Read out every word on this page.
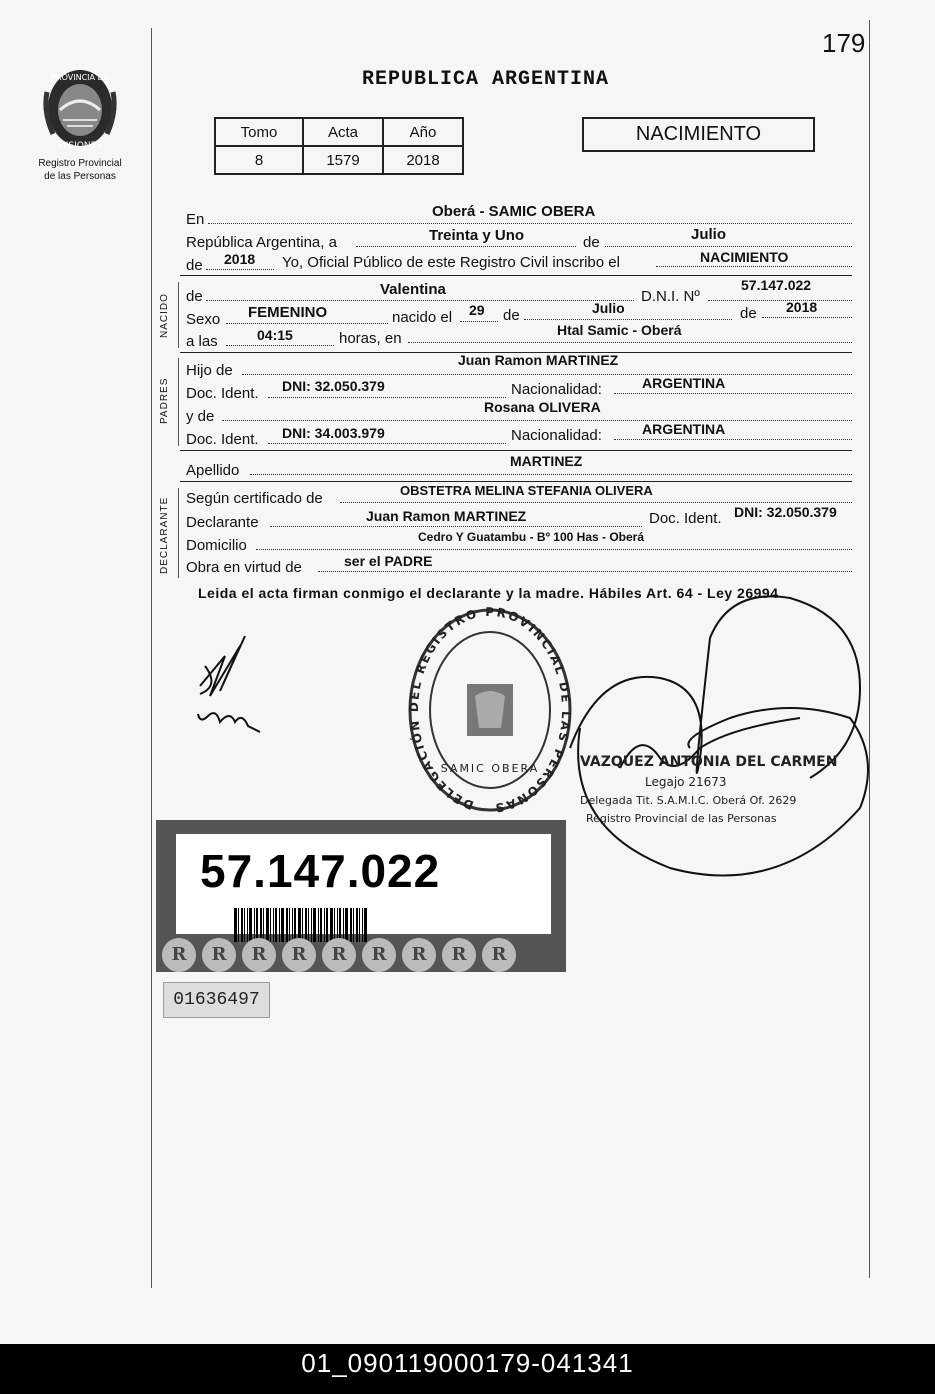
179
PROVINCIA DE
MISIONES
Registro Provincial
de las Personas
REPUBLICA ARGENTINA
Tomo	Acta	Año
8	1579	2018
NACIMIENTO
En	Oberá - SAMIC OBERA
República Argentina, a	Treinta y Uno	de	Julio
de 2018 Yo, Oficial Público de este Registro Civil inscribo el	NACIMIENTO
NACIDO de	Valentina	D.N.I. Nº
57.147.022
Sexo FEMENINO	nacido el 29 de	Julio	de 2018
a las	04:15	horas, en	Htal Samic - Oberá
PADRES
Hijo de
Juan Ramon MARTINEZ
Doc. Ident. DNI: 32.050.379	Nacionalidad:	ARGENTINA
y de
Rosana OLIVERA
Doc. Ident. DNI: 34.003.979	Nacionalidad:	ARGENTINA
Apellido
MARTINEZ
DECLARANTE Según certificado de	OBSTETRA MELINA STEFANIA OLIVERA
Declarante	Juan Ramon MARTINEZ	Doc. Ident. DNI: 32.050.379
Domicilio	Cedro Y Guatambu - Bº 100 Has - Oberá
Obra en virtud de	ser el PADRE
Leida el acta firman conmigo el declarante y la madre. Hábiles Art. 64 - Ley 26994
DELEGACIÓN DEL REGISTRO PROVINCIAL DE LAS PERSONAS
SAMIC OBERA	VAZQUEZ ANTONIA DEL CARMEN
Legajo 21673
Delegada Tit. S.A.M.I.C. Oberá Of. 2629
Registro Provincial de las Personas
57.147.022
R	R	R	R	R	R	R	R	R
01636497
01_090119000179-041341
